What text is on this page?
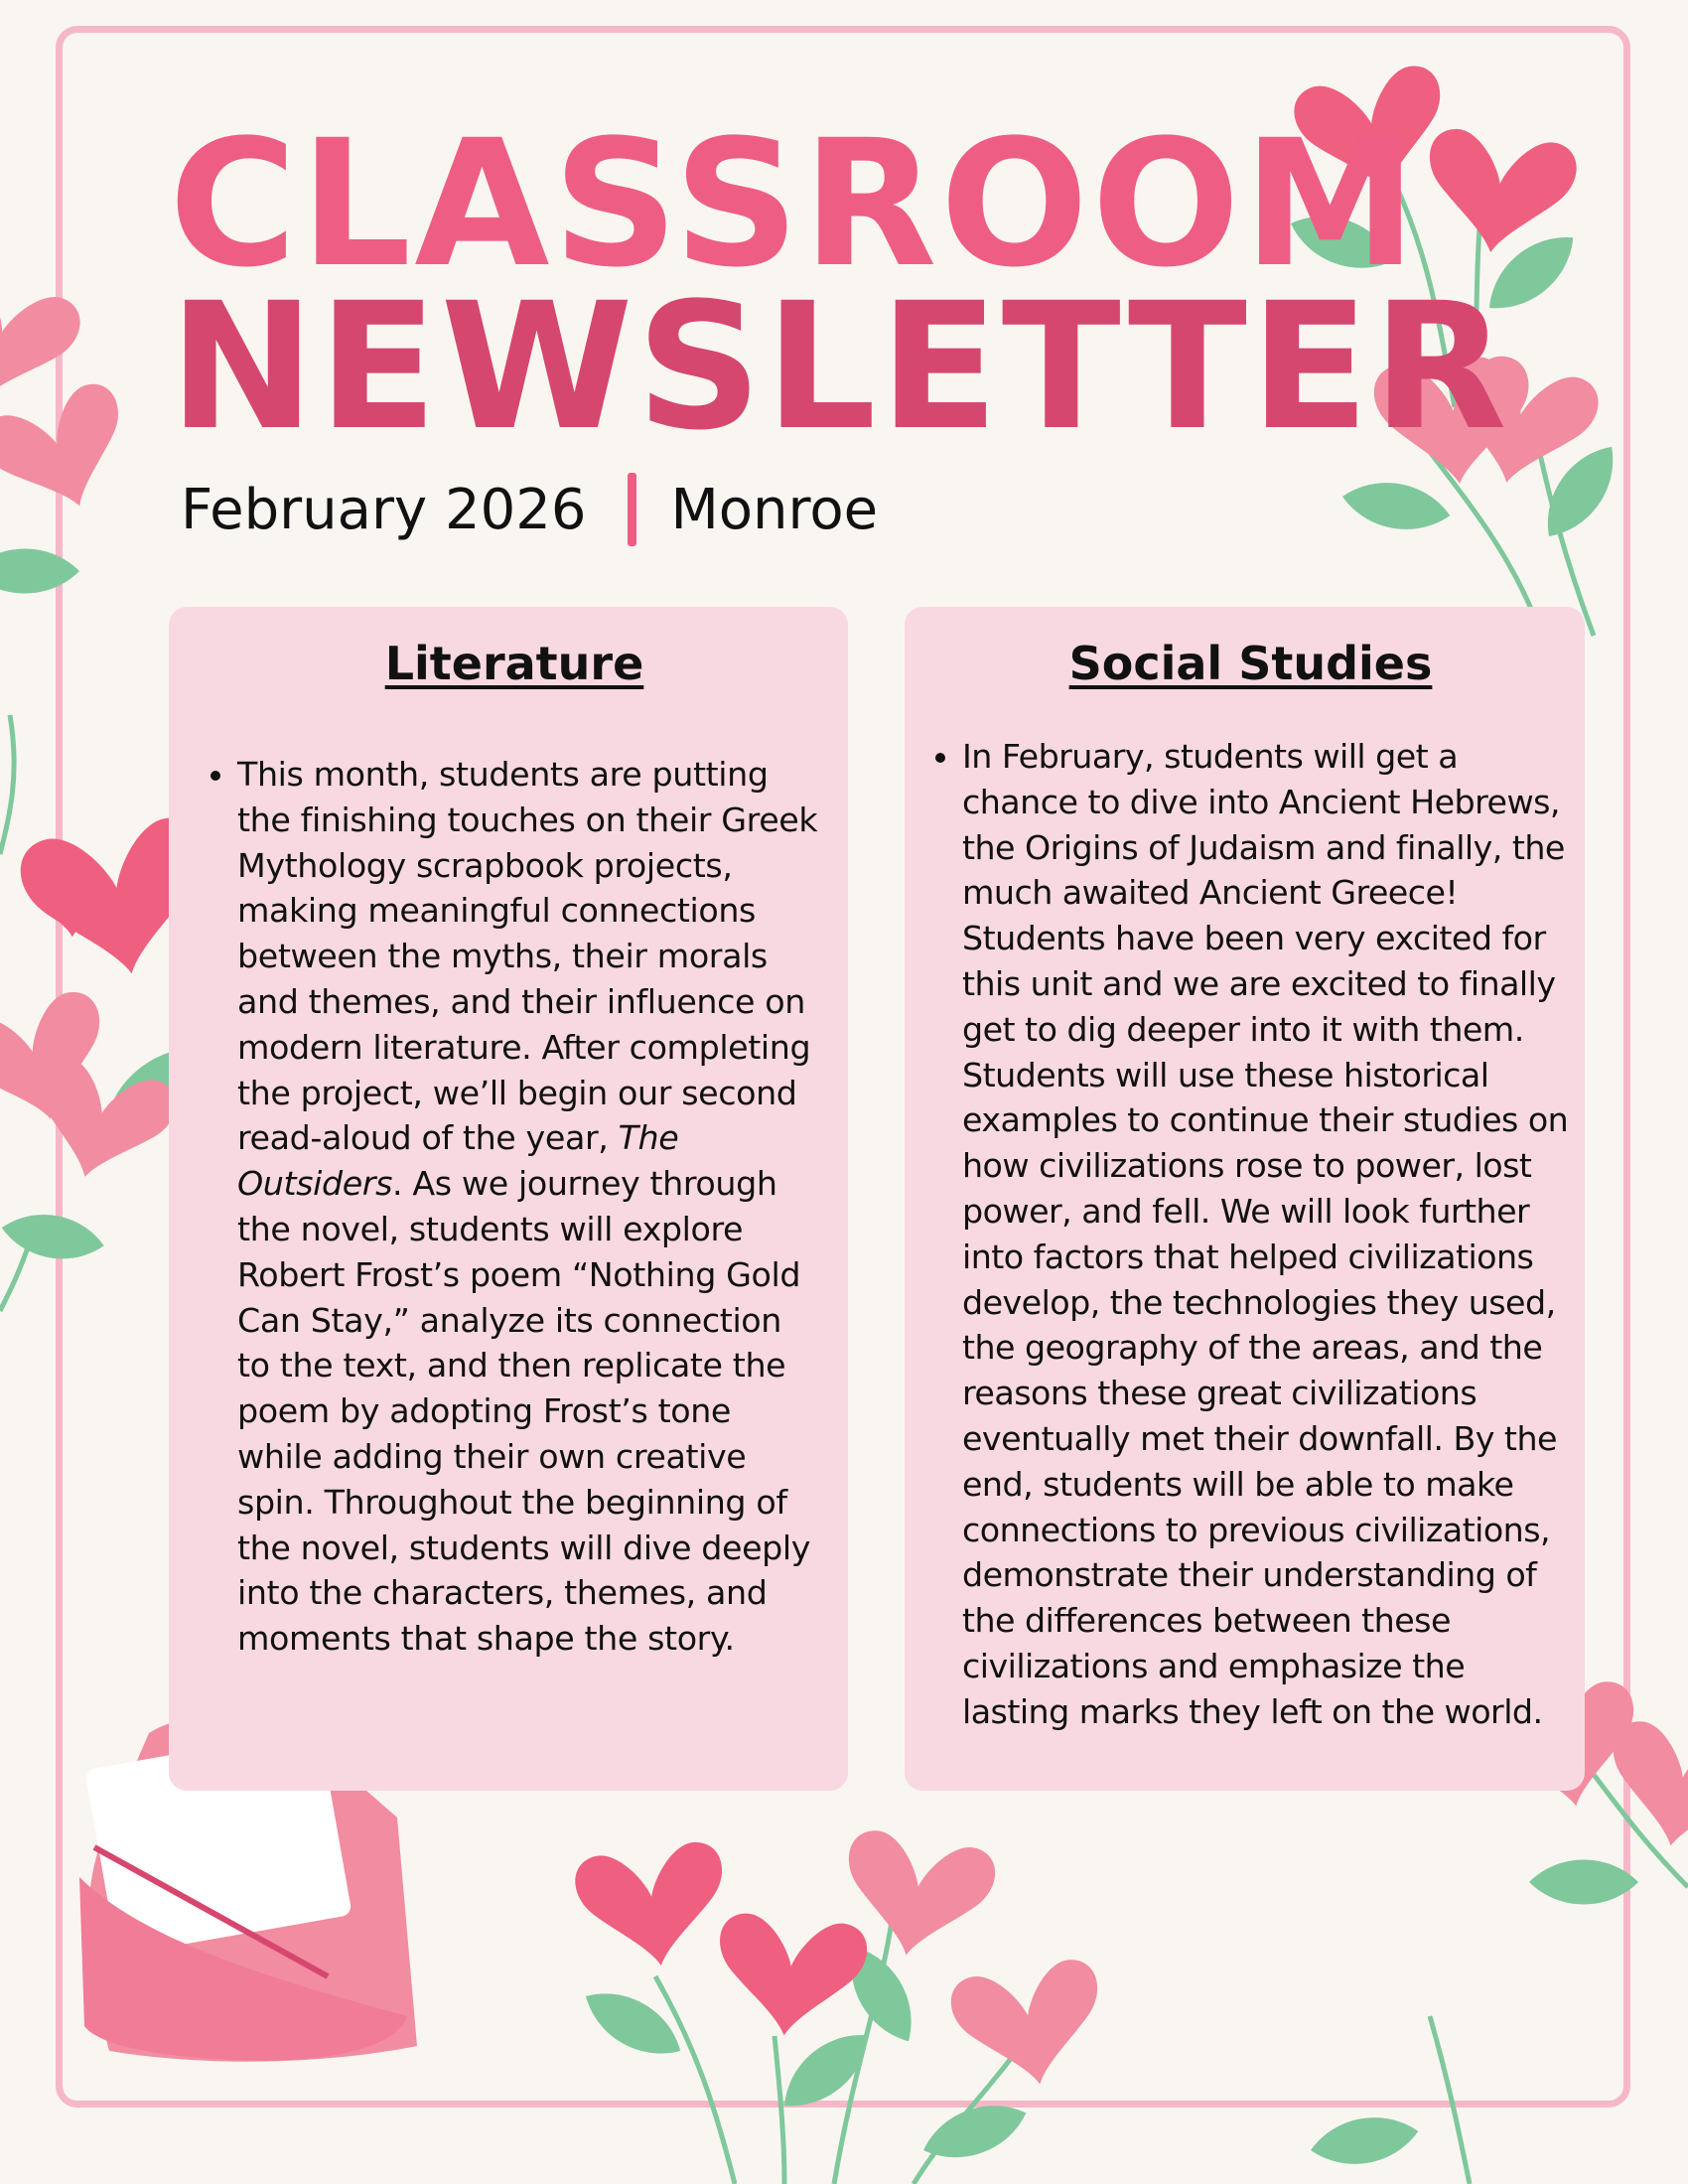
CLASSROOM
NEWSLETTER
February 2026 Monroe
Literature
• This month, students are putting the finishing touches on their Greek Mythology scrapbook projects, making meaningful connections between the myths, their morals and themes, and their influence on modern literature. After completing the project, we’ll begin our second read-aloud of the year, The Outsiders. As we journey through the novel, students will explore Robert Frost’s poem “Nothing Gold Can Stay,” analyze its connection to the text, and then replicate the poem by adopting Frost’s tone while adding their own creative spin. Throughout the beginning of the novel, students will dive deeply into the characters, themes, and moments that shape the story.
Social Studies
• In February, students will get a chance to dive into Ancient Hebrews, the Origins of Judaism and finally, the much awaited Ancient Greece! Students have been very excited for this unit and we are excited to finally get to dig deeper into it with them. Students will use these historical examples to continue their studies on how civilizations rose to power, lost power, and fell. We will look further into factors that helped civilizations develop, the technologies they used, the geography of the areas, and the reasons these great civilizations eventually met their downfall. By the end, students will be able to make connections to previous civilizations, demonstrate their understanding of the differences between these civilizations and emphasize the lasting marks they left on the world.
